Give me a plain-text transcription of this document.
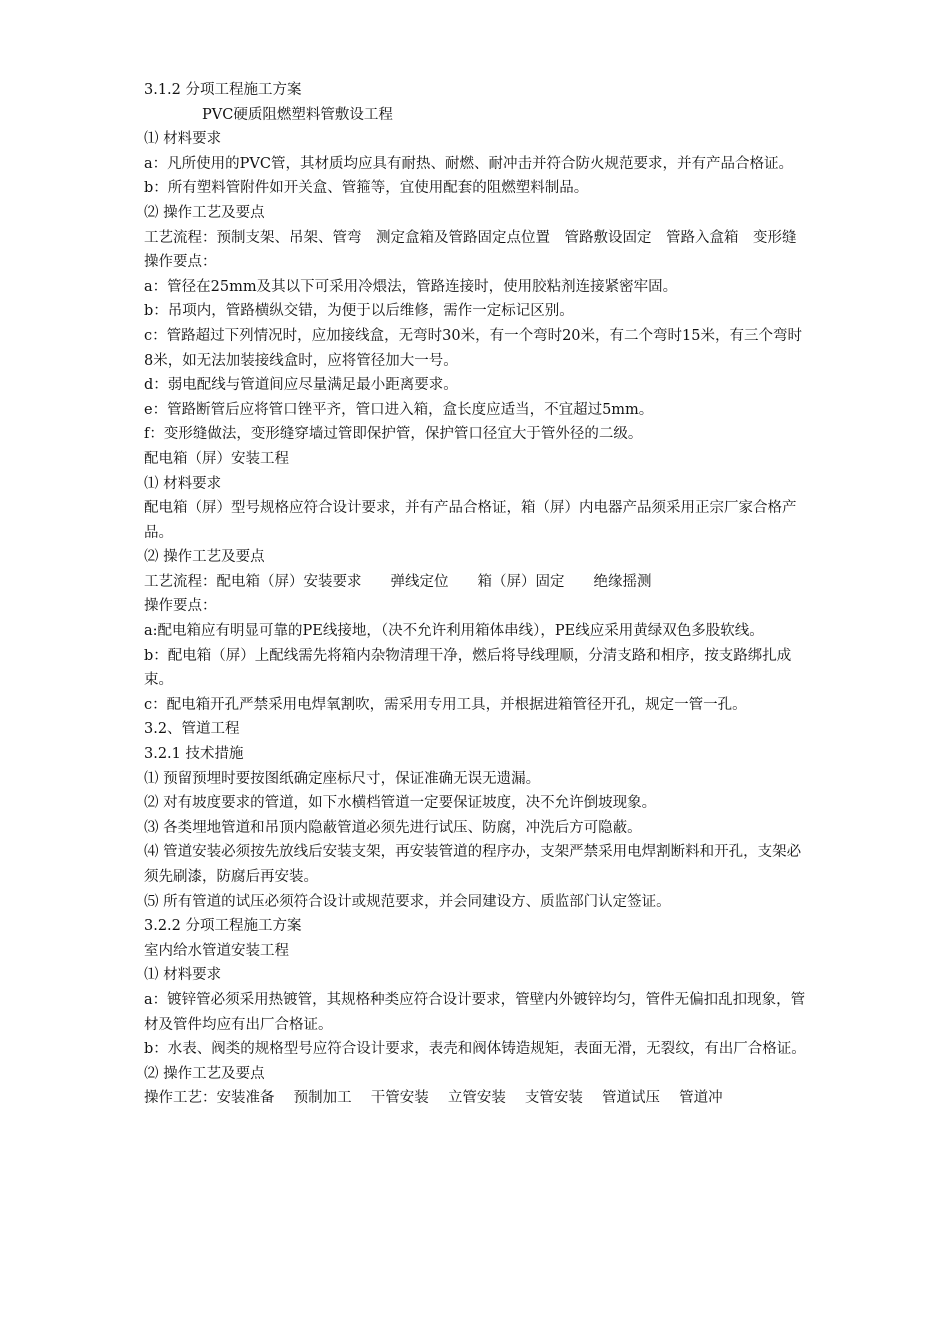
3.1.2 分项工程施工方案
PVC硬质阻燃塑料管敷设工程
⑴ 材料要求
a：凡所使用的PVC管，其材质均应具有耐热、耐燃、耐冲击并符合防火规范要求，并有产品合格证。
b：所有塑料管附件如开关盒、管箍等，宜使用配套的阻燃塑料制品。
⑵ 操作工艺及要点
工艺流程：预制支架、吊架、管弯　测定盒箱及管路固定点位置　管路敷设固定　管路入盒箱　变形缝
操作要点：
a：管径在25mm及其以下可采用冷煨法，管路连接时，使用胶粘剂连接紧密牢固。
b：吊项内，管路横纵交错，为便于以后维修，需作一定标记区别。
c：管路超过下列情况时，应加接线盒，无弯时30米，有一个弯时20米，有二个弯时15米，有三个弯时8米，如无法加装接线盒时，应将管径加大一号。
d：弱电配线与管道间应尽量满足最小距离要求。
e：管路断管后应将管口锉平齐，管口进入箱，盒长度应适当，不宜超过5mm。
f：变形缝做法，变形缝穿墙过管即保护管，保护管口径宜大于管外径的二级。
配电箱（屏）安装工程
⑴ 材料要求
配电箱（屏）型号规格应符合设计要求，并有产品合格证，箱（屏）内电器产品须采用正宗厂家合格产品。
⑵ 操作工艺及要点
工艺流程：配电箱（屏）安装要求　　弹线定位　　箱（屏）固定　　绝缘摇测
操作要点：
a:配电箱应有明显可靠的PE线接地，（决不允许利用箱体串线），PE线应采用黄绿双色多股软线。
b：配电箱（屏）上配线需先将箱内杂物清理干净，燃后将导线理顺，分清支路和相序，按支路绑扎成束。
c：配电箱开孔严禁采用电焊氧割吹，需采用专用工具，并根据进箱管径开孔，规定一管一孔。
3.2、管道工程
3.2.1 技术措施
⑴ 预留预埋时要按图纸确定座标尺寸，保证准确无误无遗漏。
⑵ 对有坡度要求的管道，如下水横档管道一定要保证坡度，决不允许倒坡现象。
⑶ 各类埋地管道和吊顶内隐蔽管道必须先进行试压、防腐，冲洗后方可隐蔽。
⑷ 管道安装必须按先放线后安装支架，再安装管道的程序办，支架严禁采用电焊割断料和开孔，支架必须先刷漆，防腐后再安装。
⑸ 所有管道的试压必须符合设计或规范要求，并会同建设方、质监部门认定签证。
3.2.2 分项工程施工方案
室内给水管道安装工程
⑴ 材料要求
a：镀锌管必须采用热镀管，其规格种类应符合设计要求，管壁内外镀锌均匀，管件无偏扣乱扣现象，管材及管件均应有出厂合格证。
b：水表、阀类的规格型号应符合设计要求，表壳和阀体铸造规矩，表面无滑，无裂纹，有出厂合格证。
⑵ 操作工艺及要点
操作工艺：安装准备　 预制加工　 干管安装　 立管安装　 支管安装　 管道试压　 管道冲
